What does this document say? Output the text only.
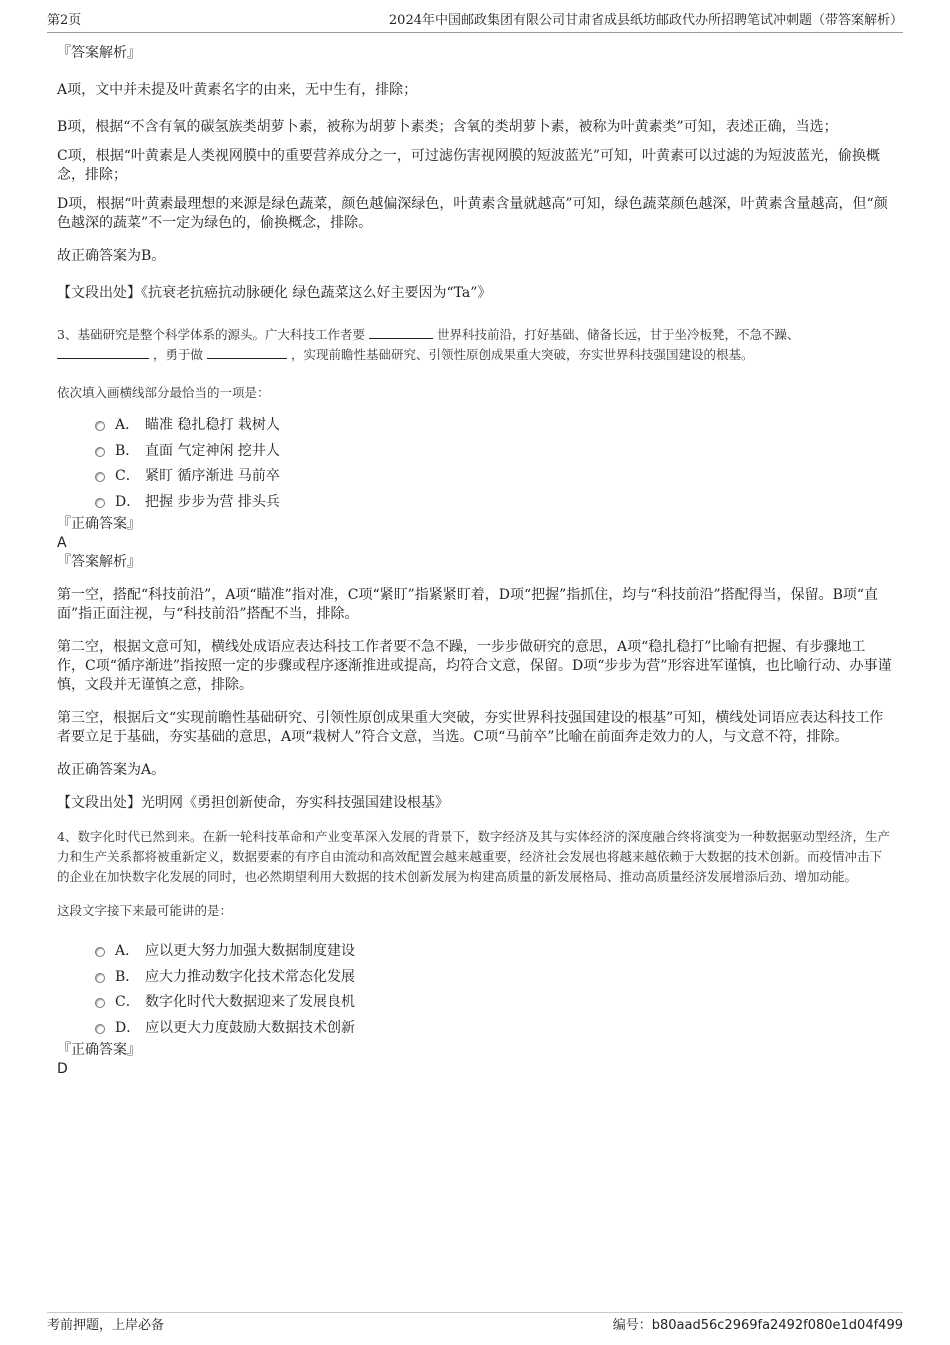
第2页	2024年中国邮政集团有限公司甘肃省成县纸坊邮政代办所招聘笔试冲刺题（带答案解析）

『答案解析』

A项，文中并未提及叶黄素名字的由来，无中生有，排除；

B项，根据“不含有氧的碳氢族类胡萝卜素，被称为胡萝卜素类；含氧的类胡萝卜素，被称为叶黄素类”可知，表述正确，当选；

C项，根据“叶黄素是人类视网膜中的重要营养成分之一，可过滤伤害视网膜的短波蓝光”可知，叶黄素可以过滤的为短波蓝光，偷换概念，排除；

D项，根据“叶黄素最理想的来源是绿色蔬菜，颜色越偏深绿色，叶黄素含量就越高”可知，绿色蔬菜颜色越深，叶黄素含量越高，但“颜色越深的蔬菜”不一定为绿色的，偷换概念，排除。

故正确答案为B。

【文段出处】《抗衰老抗癌抗动脉硬化 绿色蔬菜这么好主要因为“Ta”》

3、基础研究是整个科学体系的源头。广大科技工作者要	世界科技前沿，打好基础、储备长远，甘于坐冷板凳，不急不躁、
，勇于做	，实现前瞻性基础研究、引领性原创成果重大突破，夯实世界科技强国建设的根基。

依次填入画横线部分最恰当的一项是：

A． 瞄准 稳扎稳打 栽树人
B． 直面 气定神闲 挖井人
C． 紧盯 循序渐进 马前卒
D． 把握 步步为营 排头兵

『正确答案』

A

『答案解析』

第一空，搭配“科技前沿”，A项“瞄准”指对准，C项“紧盯”指紧紧盯着，D项“把握”指抓住，均与“科技前沿”搭配得当，保留。B项“直面”指正面注视，与“科技前沿”搭配不当，排除。

第二空，根据文意可知，横线处成语应表达科技工作者要不急不躁，一步步做研究的意思，A项“稳扎稳打”比喻有把握、有步骤地工作，C项“循序渐进”指按照一定的步骤或程序逐渐推进或提高，均符合文意，保留。D项“步步为营”形容进军谨慎，也比喻行动、办事谨慎，文段并无谨慎之意，排除。

第三空，根据后文“实现前瞻性基础研究、引领性原创成果重大突破，夯实世界科技强国建设的根基”可知，横线处词语应表达科技工作者要立足于基础，夯实基础的意思，A项“栽树人”符合文意，当选。C项“马前卒”比喻在前面奔走效力的人，与文意不符，排除。

故正确答案为A。

【文段出处】光明网《勇担创新使命，夯实科技强国建设根基》

4、数字化时代已然到来。在新一轮科技革命和产业变革深入发展的背景下，数字经济及其与实体经济的深度融合终将演变为一种数据驱动型经济，生产力和生产关系都将被重新定义，数据要素的有序自由流动和高效配置会越来越重要，经济社会发展也将越来越依赖于大数据的技术创新。而疫情冲击下的企业在加快数字化发展的同时，也必然期望利用大数据的技术创新发展为构建高质量的新发展格局、推动高质量经济发展增添后劲、增加动能。

这段文字接下来最可能讲的是：

A． 应以更大努力加强大数据制度建设
B． 应大力推动数字化技术常态化发展
C． 数字化时代大数据迎来了发展良机
D． 应以更大力度鼓励大数据技术创新

『正确答案』

D

考前押题，上岸必备	编号：b80aad56c2969fa2492f080e1d04f499
